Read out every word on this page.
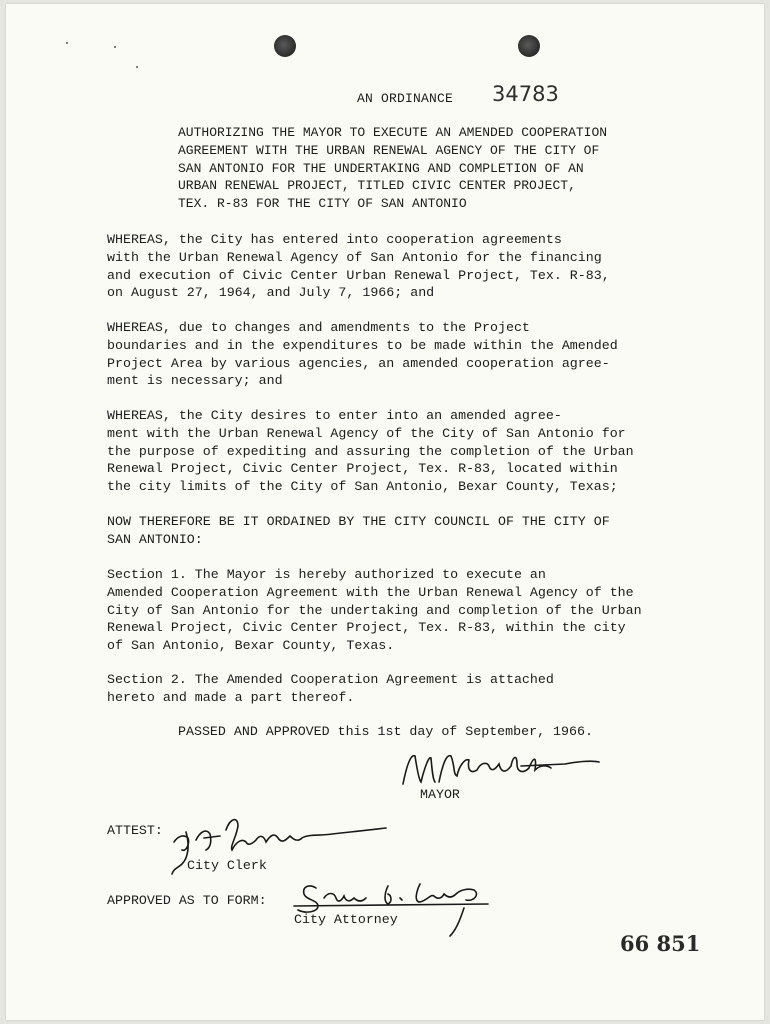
AN ORDINANCE 34783
AUTHORIZING THE MAYOR TO EXECUTE AN AMENDED COOPERATION
AGREEMENT WITH THE URBAN RENEWAL AGENCY OF THE CITY OF
SAN ANTONIO FOR THE UNDERTAKING AND COMPLETION OF AN
URBAN RENEWAL PROJECT, TITLED CIVIC CENTER PROJECT,
TEX. R-83 FOR THE CITY OF SAN ANTONIO
WHEREAS, the City has entered into cooperation agreements
with the Urban Renewal Agency of San Antonio for the financing
and execution of Civic Center Urban Renewal Project, Tex. R-83,
on August 27, 1964, and July 7, 1966; and
WHEREAS, due to changes and amendments to the Project
boundaries and in the expenditures to be made within the Amended
Project Area by various agencies, an amended cooperation agree-
ment is necessary; and
WHEREAS, the City desires to enter into an amended agree-
ment with the Urban Renewal Agency of the City of San Antonio for
the purpose of expediting and assuring the completion of the Urban
Renewal Project, Civic Center Project, Tex. R-83, located within
the city limits of the City of San Antonio, Bexar County, Texas;
NOW THEREFORE BE IT ORDAINED BY THE CITY COUNCIL OF THE CITY OF
SAN ANTONIO:
Section 1. The Mayor is hereby authorized to execute an
Amended Cooperation Agreement with the Urban Renewal Agency of the
City of San Antonio for the undertaking and completion of the Urban
Renewal Project, Civic Center Project, Tex. R-83, within the city
of San Antonio, Bexar County, Texas.
Section 2. The Amended Cooperation Agreement is attached
hereto and made a part thereof.
PASSED AND APPROVED this 1st day of September, 1966.
MAYOR
ATTEST:
City Clerk
APPROVED AS TO FORM:
City Attorney
66 851
